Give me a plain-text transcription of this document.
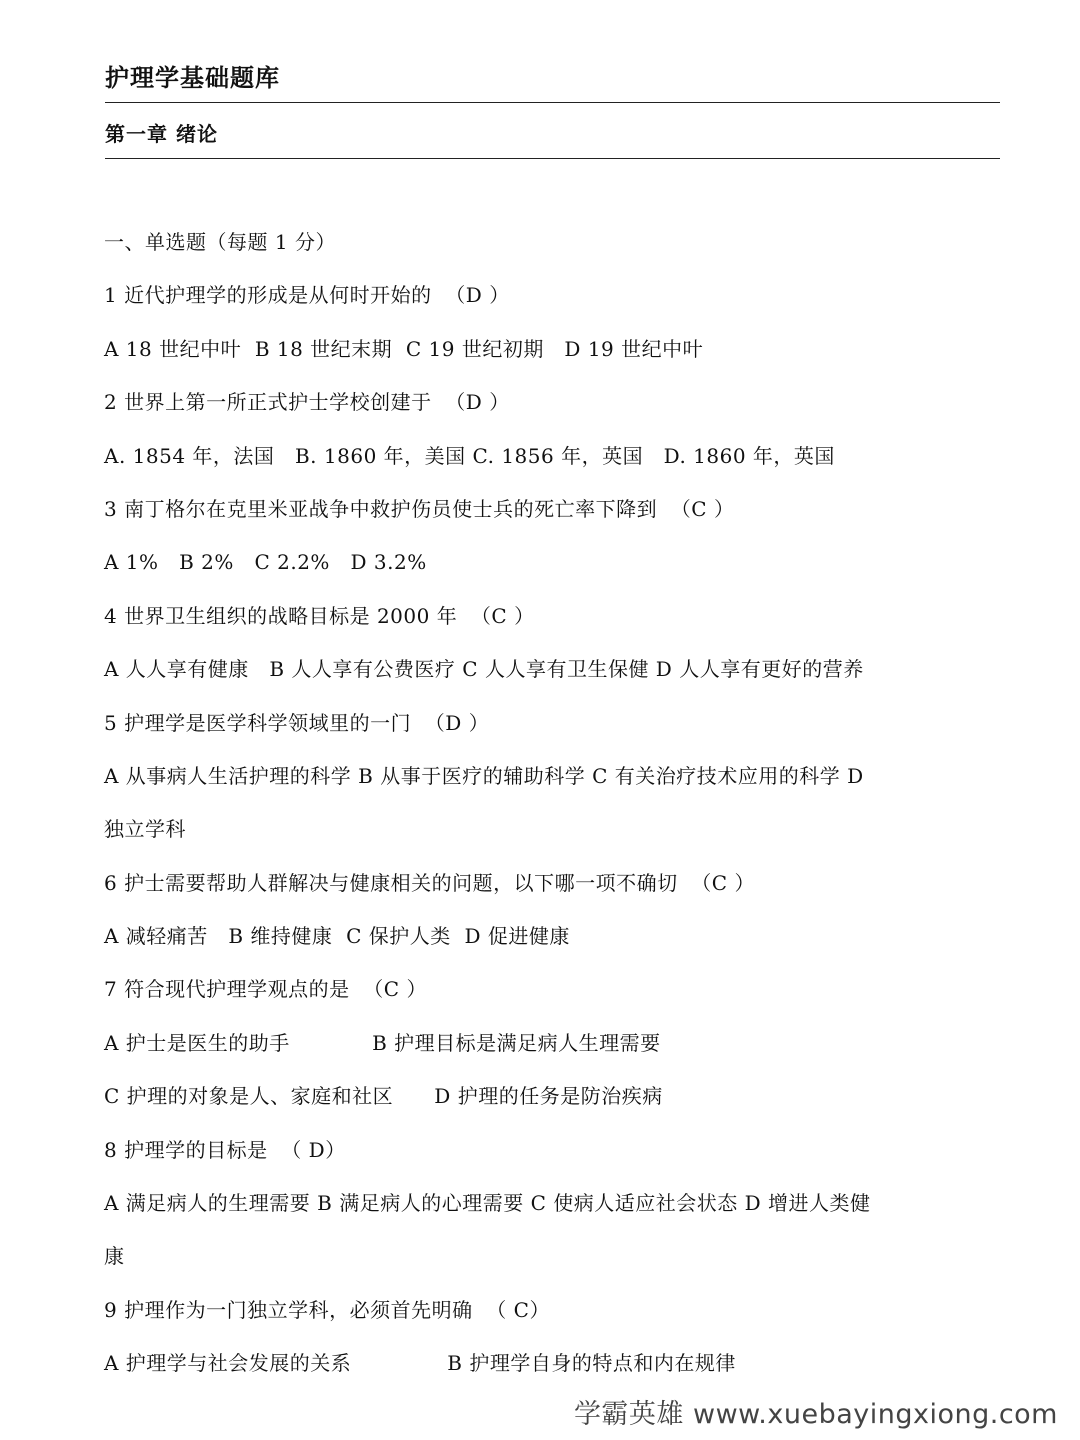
护理学基础题库
第一章 绪论
一、单选题（每题 1 分）
1 近代护理学的形成是从何时开始的  （D ）
A 18 世纪中叶  B 18 世纪末期  C 19 世纪初期   D 19 世纪中叶
2 世界上第一所正式护士学校创建于  （D ）
A. 1854 年，法国   B. 1860 年，美国 C. 1856 年，英国   D. 1860 年，英国
3 南丁格尔在克里米亚战争中救护伤员使士兵的死亡率下降到  （C ）
A 1%   B 2%   C 2.2%   D 3.2%
4 世界卫生组织的战略目标是 2000 年  （C ）
A 人人享有健康   B 人人享有公费医疗 C 人人享有卫生保健 D 人人享有更好的营养
5 护理学是医学科学领域里的一门  （D ）
A 从事病人生活护理的科学 B 从事于医疗的辅助科学 C 有关治疗技术应用的科学 D
独立学科
6 护士需要帮助人群解决与健康相关的问题，以下哪一项不确切  （C ）
A 减轻痛苦   B 维持健康  C 保护人类  D 促进健康
7 符合现代护理学观点的是  （C ）
A 护士是医生的助手            B 护理目标是满足病人生理需要
C 护理的对象是人、家庭和社区      D 护理的任务是防治疾病
8 护理学的目标是  （ D）
A 满足病人的生理需要 B 满足病人的心理需要 C 使病人适应社会状态 D 增进人类健
康
9 护理作为一门独立学科，必须首先明确  （ C）
A 护理学与社会发展的关系              B 护理学自身的特点和内在规律
学霸英雄 www.xuebayingxiong.com
